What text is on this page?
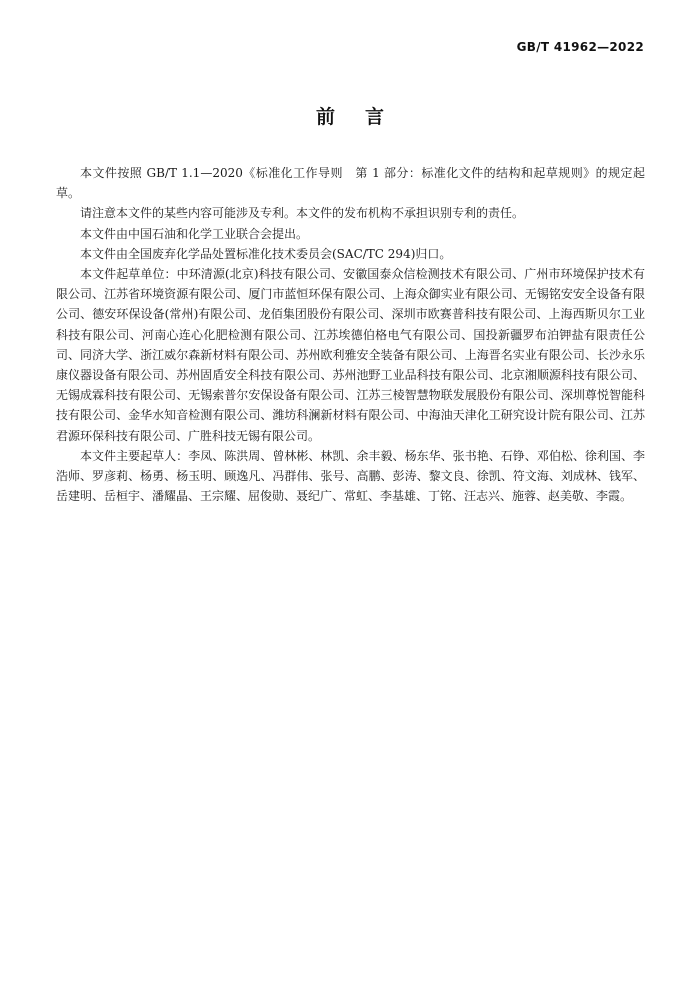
GB/T 41962—2022
前言

本文件按照 GB/T 1.1—2020《标准化工作导则　第 1 部分：标准化文件的结构和起草规则》的规定起草。

请注意本文件的某些内容可能涉及专利。本文件的发布机构不承担识别专利的责任。

本文件由中国石油和化学工业联合会提出。

本文件由全国废弃化学品处置标准化技术委员会(SAC/TC 294)归口。

本文件起草单位：中环清源(北京)科技有限公司、安徽国泰众信检测技术有限公司、广州市环境保护技术有限公司、江苏省环境资源有限公司、厦门市蓝恒环保有限公司、上海众御实业有限公司、无锡铭安安全设备有限公司、德安环保设备(常州)有限公司、龙佰集团股份有限公司、深圳市欧赛普科技有限公司、上海西斯贝尔工业科技有限公司、河南心连心化肥检测有限公司、江苏埃德伯格电气有限公司、国投新疆罗布泊钾盐有限责任公司、同济大学、浙江威尔森新材料有限公司、苏州欧利雅安全装备有限公司、上海晋名实业有限公司、长沙永乐康仪器设备有限公司、苏州固盾安全科技有限公司、苏州池野工业品科技有限公司、北京湘顺源科技有限公司、无锡成霖科技有限公司、无锡索普尔安保设备有限公司、江苏三棱智慧物联发展股份有限公司、深圳尊悦智能科技有限公司、金华水知音检测有限公司、潍坊科澜新材料有限公司、中海油天津化工研究设计院有限公司、江苏君源环保科技有限公司、广胜科技无锡有限公司。

本文件主要起草人：李凤、陈洪周、曾林彬、林凯、余丰毅、杨东华、张书艳、石铮、邓伯松、徐利国、李浩师、罗彦莉、杨勇、杨玉明、顾逸凡、冯群伟、张号、高鹏、彭涛、黎文良、徐凯、符文海、刘成林、钱军、岳建明、岳桓宇、潘耀晶、王宗耀、屈俊勋、聂纪广、常虹、李基雄、丁铭、汪志兴、施蓉、赵美敬、李霞。
